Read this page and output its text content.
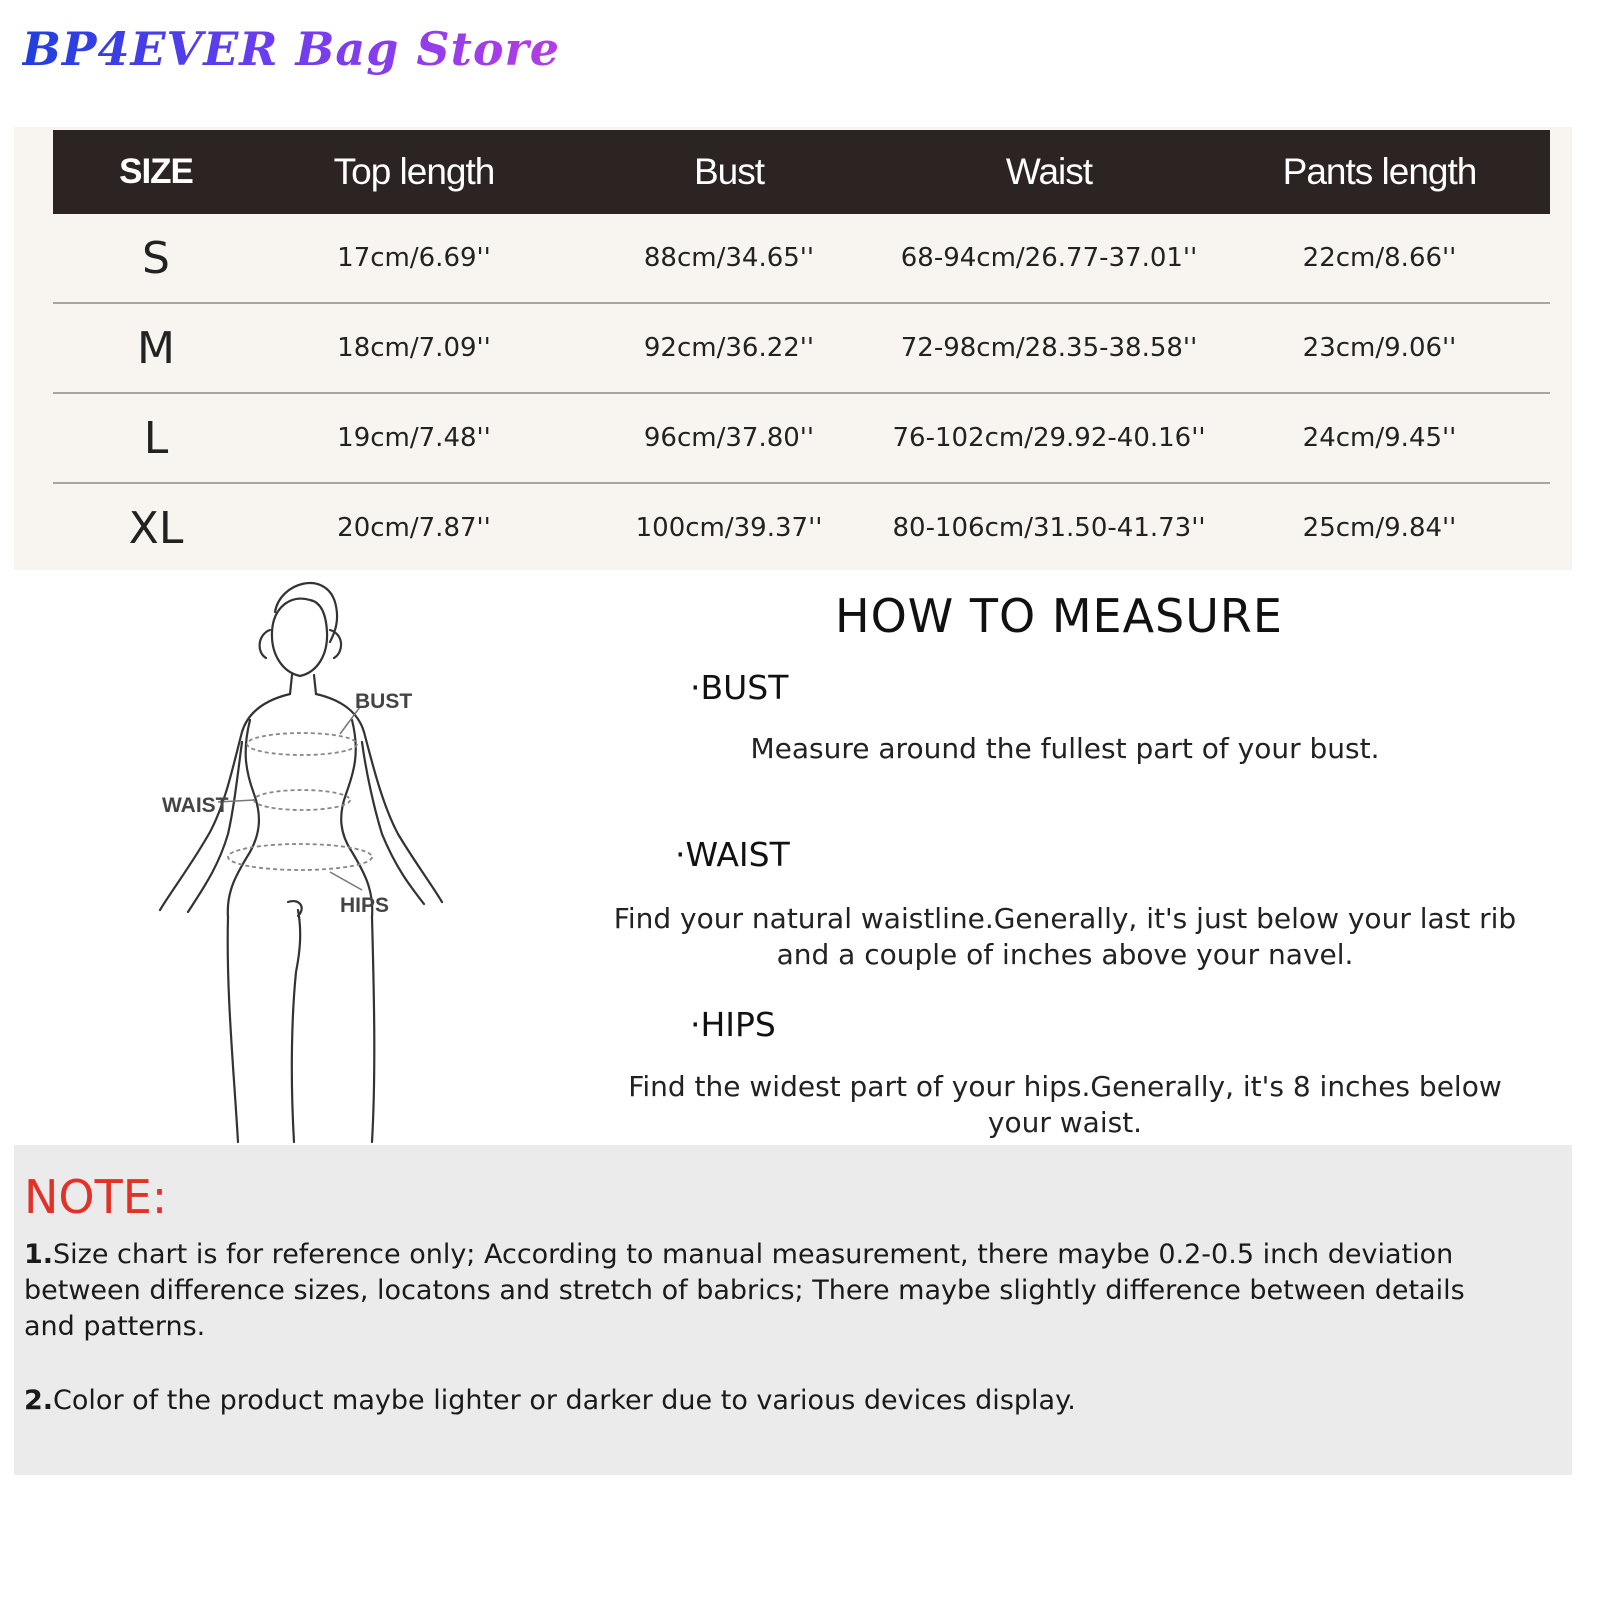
BP4EVER Bag Store
SIZE	Top length	Bust	Waist	Pants length
S	17cm/6.69''	88cm/34.65''	68-94cm/26.77-37.01''	22cm/8.66''
M	18cm/7.09''	92cm/36.22''	72-98cm/28.35-38.58''	23cm/9.06''
L	19cm/7.48''	96cm/37.80''	76-102cm/29.92-40.16''	24cm/9.45''
XL	20cm/7.87''	100cm/39.37''	80-106cm/31.50-41.73''	25cm/9.84''
BUST
WAIST
HIPS
HOW TO MEASURE
·BUST
Measure around the fullest part of your bust.
·WAIST
Find your natural waistline.Generally, it's just below your last rib
and a couple of inches above your navel.
·HIPS
Find the widest part of your hips.Generally, it's 8 inches below
your waist.
NOTE:
1.Size chart is for reference only; According to manual measurement, there maybe 0.2-0.5 inch deviation
between difference sizes, locatons and stretch of babrics; There maybe slightly difference between details
and patterns.
2.Color of the product maybe lighter or darker due to various devices display.
